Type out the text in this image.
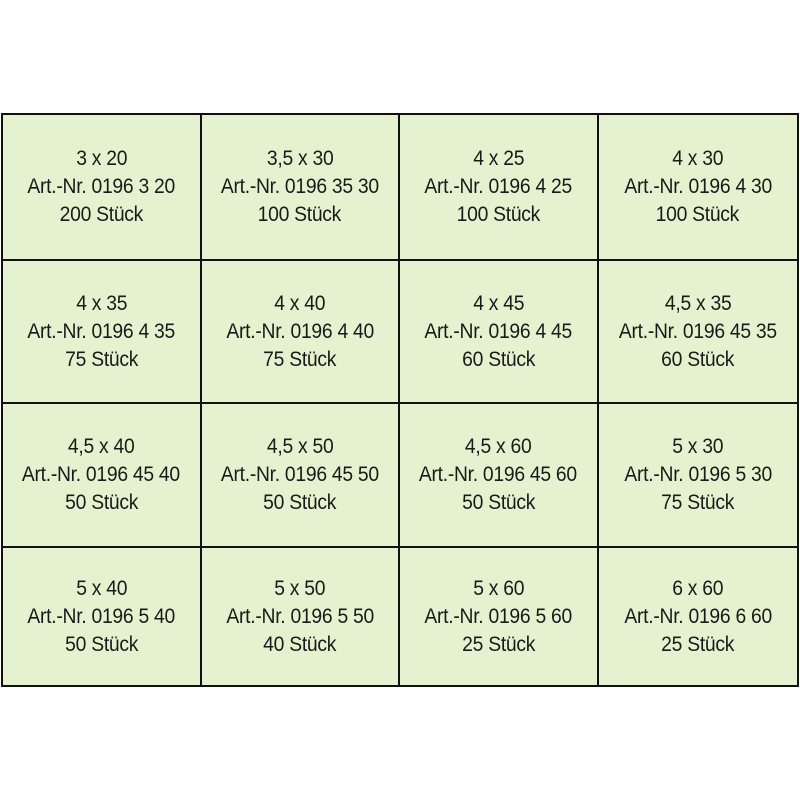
3 x 20
Art.-Nr. 0196 3 20
200 Stück
3,5 x 30
Art.-Nr. 0196 35 30
100 Stück
4 x 25
Art.-Nr. 0196 4 25
100 Stück
4 x 30
Art.-Nr. 0196 4 30
100 Stück
4 x 35
Art.-Nr. 0196 4 35
75 Stück
4 x 40
Art.-Nr. 0196 4 40
75 Stück
4 x 45
Art.-Nr. 0196 4 45
60 Stück
4,5 x 35
Art.-Nr. 0196 45 35
60 Stück
4,5 x 40
Art.-Nr. 0196 45 40
50 Stück
4,5 x 50
Art.-Nr. 0196 45 50
50 Stück
4,5 x 60
Art.-Nr. 0196 45 60
50 Stück
5 x 30
Art.-Nr. 0196 5 30
75 Stück
5 x 40
Art.-Nr. 0196 5 40
50 Stück
5 x 50
Art.-Nr. 0196 5 50
40 Stück
5 x 60
Art.-Nr. 0196 5 60
25 Stück
6 x 60
Art.-Nr. 0196 6 60
25 Stück
